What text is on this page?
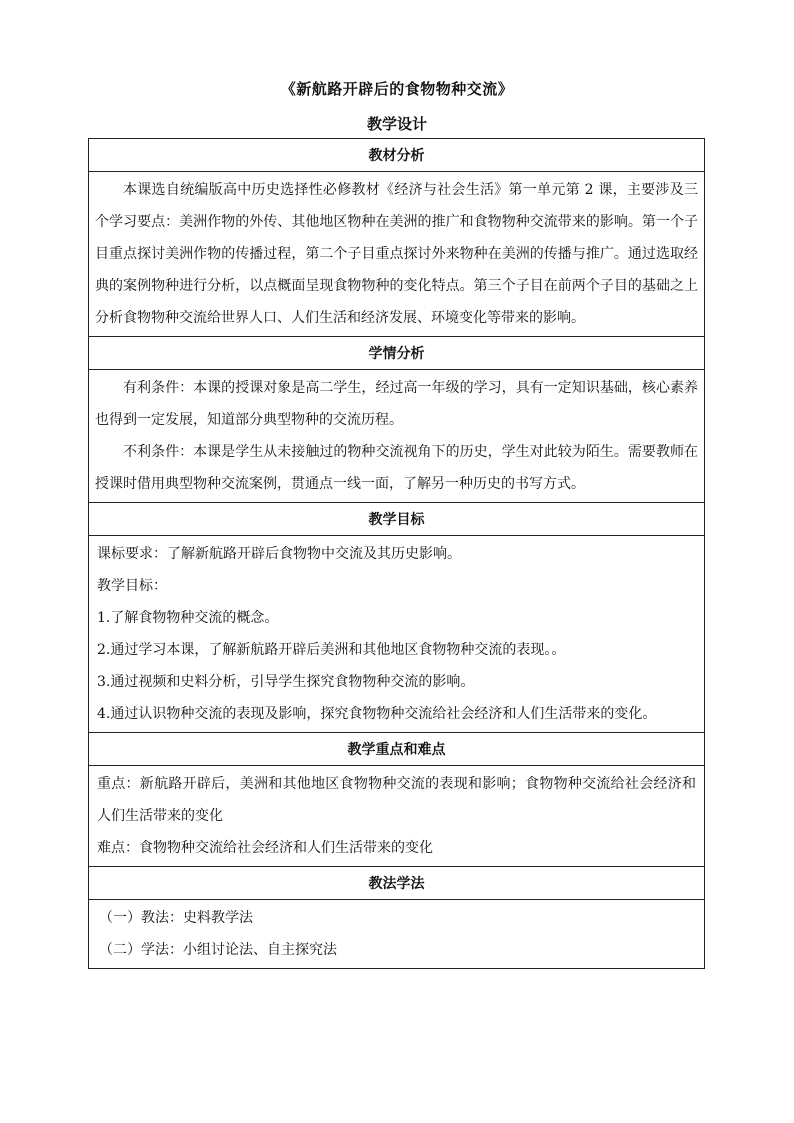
《新航路开辟后的食物物种交流》
教学设计
教材分析
本课选自统编版高中历史选择性必修教材《经济与社会生活》第一单元第 2 课，主要涉及三个学习要点：美洲作物的外传、其他地区物种在美洲的推广和食物物种交流带来的影响。第一个子目重点探讨美洲作物的传播过程，第二个子目重点探讨外来物种在美洲的传播与推广。通过选取经典的案例物种进行分析，以点概面呈现食物物种的变化特点。第三个子目在前两个子目的基础之上分析食物物种交流给世界人口、人们生活和经济发展、环境变化等带来的影响。
学情分析

有利条件：本课的授课对象是高二学生，经过高一年级的学习，具有一定知识基础，核心素养也得到一定发展，知道部分典型物种的交流历程。
不利条件：本课是学生从未接触过的物种交流视角下的历史，学生对此较为陌生。需要教师在授课时借用典型物种交流案例，贯通点一线一面，了解另一种历史的书写方式。

教学目标

课标要求：了解新航路开辟后食物物中交流及其历史影响。
教学目标：
1.了解食物物种交流的概念。
2.通过学习本课，了解新航路开辟后美洲和其他地区食物物种交流的表现。。
3.通过视频和史料分析，引导学生探究食物物种交流的影响。
4.通过认识物种交流的表现及影响，探究食物物种交流给社会经济和人们生活带来的变化。

教学重点和难点

重点：新航路开辟后，美洲和其他地区食物物种交流的表现和影响；食物物种交流给社会经济和人们生活带来的变化
难点：食物物种交流给社会经济和人们生活带来的变化

教法学法

（一）教法：史料教学法
（二）学法：小组讨论法、自主探究法
